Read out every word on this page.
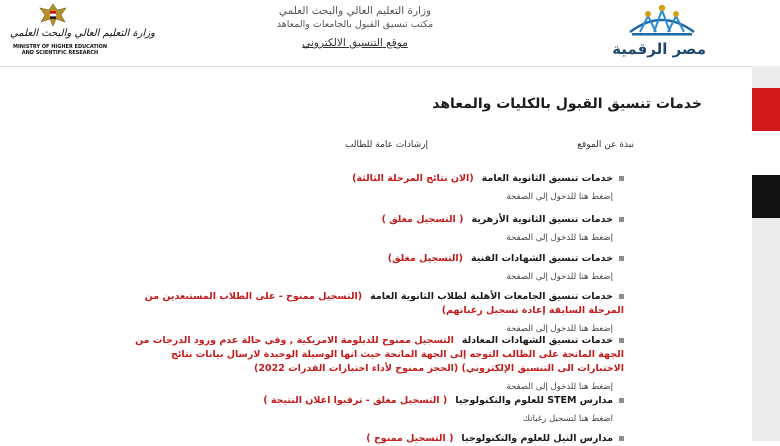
وزارة التعليم العالي والبحث العلمي
MINISTRY OF HIGHER EDUCATION AND SCIENTIFIC RESEARCH
وزارة التعليم العالي والبحث العلمي
مكتب تنسيق القبول بالجامعات والمعاهد
موقع التنسيق الالكتروني	مصر الرقمية
خدمات تنسيق القبول بالكليات والمعاهد
نبذة عن الموقع
إرشادات عامة للطالب
خدمات تنسيق الثانوية العامة(الان نتائج المرحلة الثالثة)
إضغط هنا للدخول إلى الصفحة
خدمات تنسيق الثانوية الأزهرية( التسجيل مغلق )
إضغط هنا للدخول إلى الصفحة
خدمات تنسيق الشهادات الفنية(التسجيل مغلق)
إضغط هنا للدخول إلى الصفحة
خدمات تنسيق الجامعات الأهلية لطلاب الثانوية العامة(التسجيل ممنوح - على الطلاب المستبعدين من المرحلة السابقة إعادة تسجيل رغباتهم)
إضغط هنا للدخول إلى الصفحة
خدمات تنسيق الشهادات المعادلةالتسجيل ممنوح للدبلومة الامريكية , وفي حالة عدم ورود الدرجات من الجهة المانحة على الطالب التوجه إلى الجهة المانحة حيث انها الوسيلة الوحيدة لارسال بيانات نتائج الاختبارات الى التنسيق الإلكتروني) (الحجز ممنوح لأداء اختبارات القدرات 2022)
إضغط هنا للدخول إلى الصفحة
مدارس STEM للعلوم والتكنولوجيا( التسجيل مغلق - ترقبوا اعلان النتيجة )
اضغط هنا لتسجيل رغباتك
مدارس النيل للعلوم والتكنولوجيا( التسجيل ممنوح )
